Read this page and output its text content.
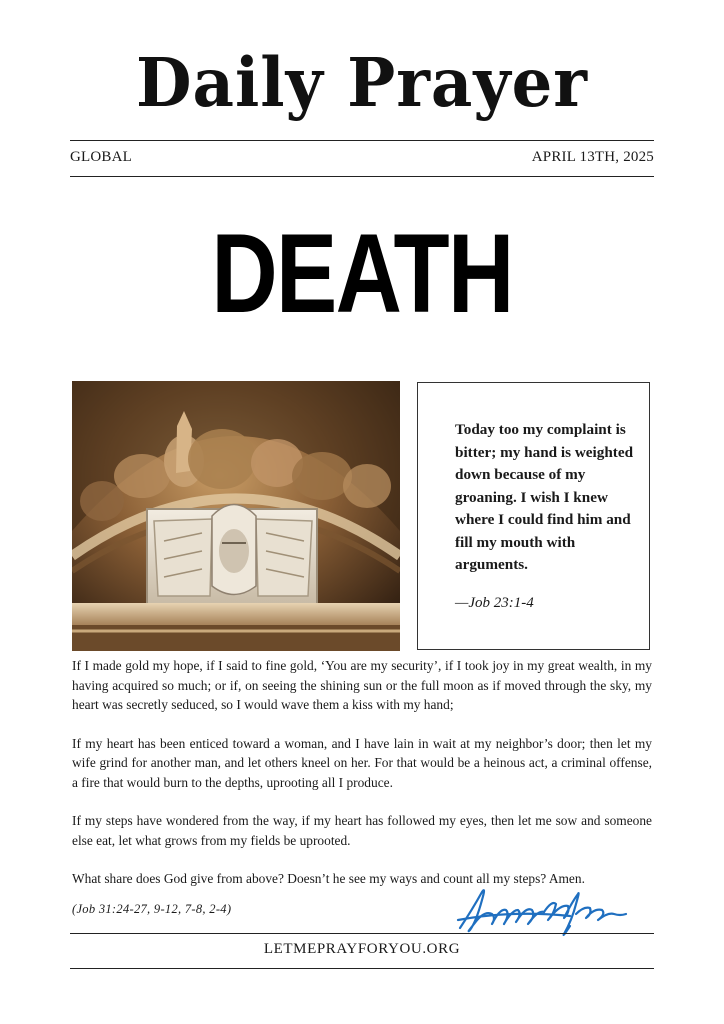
Daily Prayer
GLOBAL	APRIL 13TH, 2025
DEATH
Today too my complaint is bitter; my hand is weighted down because of my groaning. I wish I knew where I could find him and fill my mouth with arguments.
—Job 23:1-4

If I made gold my hope, if I said to fine gold, ‘You are my security’, if I took joy in my great wealth, in my having acquired so much; or if, on seeing the shining sun or the full moon as if moved through the sky, my heart was secretly seduced, so I would wave them a kiss with my hand;

If my heart has been enticed toward a woman, and I have lain in wait at my neighbor’s door; then let my wife grind for another man, and let others kneel on her. For that would be a heinous act, a criminal offense, a fire that would burn to the depths, uprooting all I produce.

If my steps have wondered from the way, if my heart has followed my eyes, then let me sow and someone else eat, let what grows from my fields be uprooted.

What share does God give from above? Doesn’t he see my ways and count all my steps? Amen.

(Job 31:24-27, 9-12, 7-8, 2-4)
LETMEPRAYFORYOU.ORG
